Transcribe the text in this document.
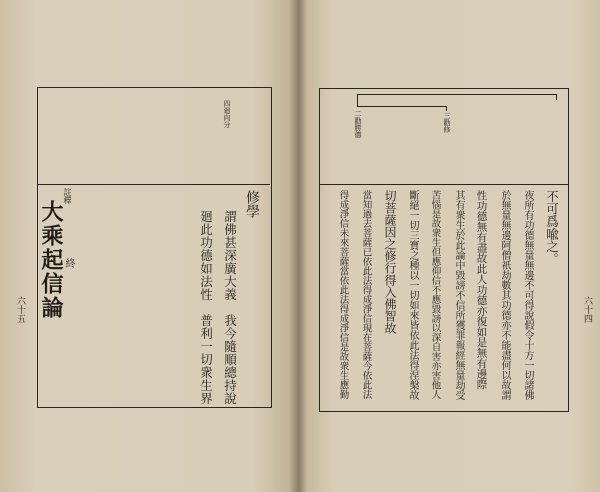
四廻向分
修學
謂佛甚深廣大義　我今隨順總持說
廻此功德如法性　普利一切衆生界
註釋
大乘起信論 終
六十五
二勸勝德	三勸修
不可爲喩之。
夜所有功德無量無邊不可得說假令十方一切諸佛
於無量無邊阿僧祇劫數其功德亦不能盡何以故謂
性功德無有盡故此人功德亦復如是無有邊際
其有衆生於此論中毀謗不信所獲罪報經無量劫受
苦惱是故衆生但應仰信不應毀謗以深自害亦害他人
斷絕一切三寶之種以一切如來皆依此法得涅槃故
切菩薩因之修行得入佛智故
當知過去菩薩已依此法得成淨信現在菩薩今依此法
得成淨信未來菩薩當依此法得成淨信是故衆生應勤	六十四
